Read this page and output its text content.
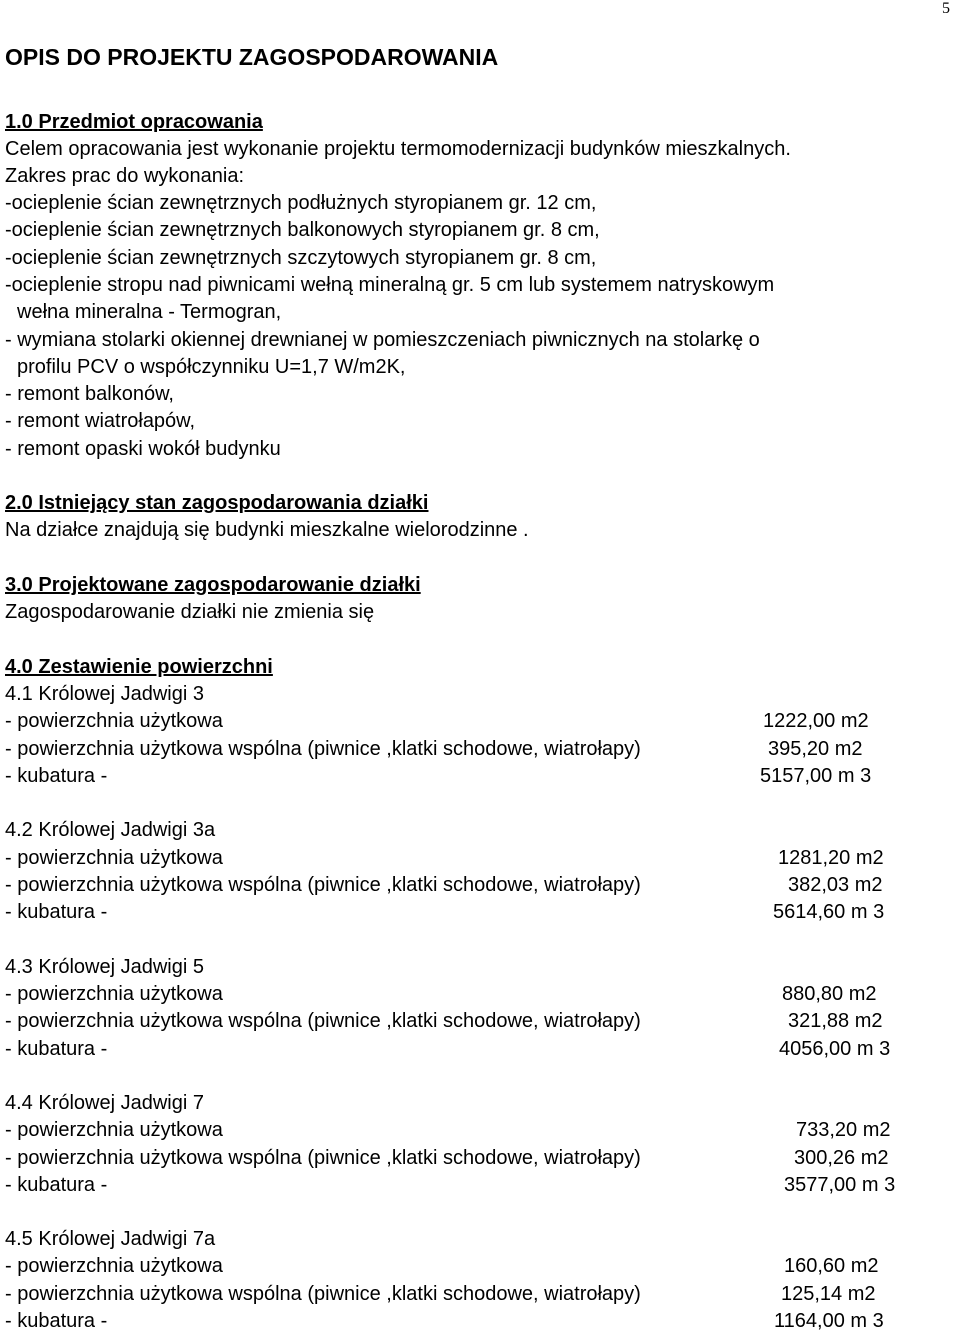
5
OPIS DO PROJEKTU ZAGOSPODAROWANIA
1.0 Przedmiot opracowania
Celem opracowania jest wykonanie projektu termomodernizacji budynków mieszkalnych.
Zakres prac do wykonania:
-ocieplenie ścian zewnętrznych podłużnych styropianem gr. 12 cm,
-ocieplenie ścian zewnętrznych balkonowych styropianem gr. 8 cm,
-ocieplenie ścian zewnętrznych szczytowych styropianem gr. 8 cm,
-ocieplenie stropu nad piwnicami wełną mineralną gr. 5 cm lub systemem natryskowym
wełna mineralna - Termogran,
- wymiana stolarki okiennej drewnianej w pomieszczeniach piwnicznych na stolarkę o
profilu PCV o współczynniku U=1,7 W/m2K,
- remont balkonów,
- remont wiatrołapów,
- remont opaski wokół budynku
2.0 Istniejący stan zagospodarowania działki
Na działce znajdują się budynki mieszkalne wielorodzinne .
3.0 Projektowane zagospodarowanie działki
Zagospodarowanie działki nie zmienia się
4.0 Zestawienie powierzchni
4.1 Królowej Jadwigi 3
- powierzchnia użytkowa	1222,00 m2
- powierzchnia użytkowa wspólna (piwnice ,klatki schodowe, wiatrołapy)	395,20 m2
- kubatura -	5157,00 m 3
4.2 Królowej Jadwigi 3a
- powierzchnia użytkowa	1281,20 m2
- powierzchnia użytkowa wspólna (piwnice ,klatki schodowe, wiatrołapy)	382,03 m2
- kubatura -	5614,60 m 3
4.3 Królowej Jadwigi 5
- powierzchnia użytkowa	880,80 m2
- powierzchnia użytkowa wspólna (piwnice ,klatki schodowe, wiatrołapy)	321,88 m2
- kubatura -	4056,00 m 3
4.4 Królowej Jadwigi 7
- powierzchnia użytkowa	733,20 m2
- powierzchnia użytkowa wspólna (piwnice ,klatki schodowe, wiatrołapy)	300,26 m2
- kubatura -	3577,00 m 3
4.5 Królowej Jadwigi 7a
- powierzchnia użytkowa	160,60 m2
- powierzchnia użytkowa wspólna (piwnice ,klatki schodowe, wiatrołapy)	125,14 m2
- kubatura -	1164,00 m 3
